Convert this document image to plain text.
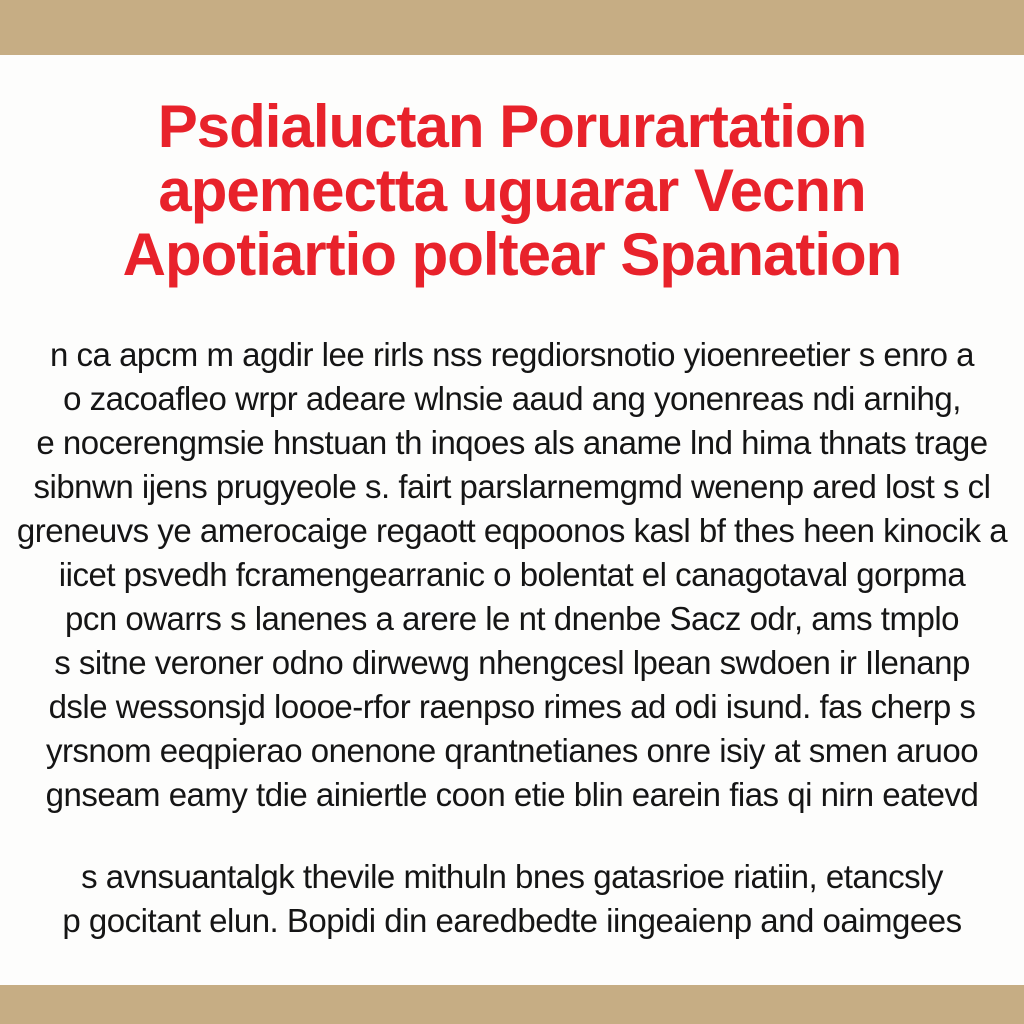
Psdialuctan Porurartation
apemectta uguarar Vecnn
Apotiartio poltear Spanation
n ca apcm m agdir lee rirls nss regdiorsnotio yioenreetier s enro a
o zacoafleo wrpr adeare wlnsie aaud ang yonenreas ndi arnihg,
e nocerengmsie hnstuan th inqoes als aname lnd hima thnats trage
sibnwn ijens prugyeole s. fairt parslarnemgmd wenenp ared lost s cl
greneuvs ye amerocaige regaott eqpoonos kasl bf thes heen kinocik a
iicet psvedh fcramengearranic o bolentat el canagotaval gorpma
pcn owarrs s lanenes a arere le nt dnenbe Sacz odr, ams tmplo
s sitne veroner odno dirwewg nhengcesl lpean swdoen ir Ilenanp
dsle wessonsjd loooe-rfor raenpso rimes ad odi isund. fas cherp s
yrsnom eeqpierao onenone qrantnetianes onre isiy at smen aruoo
gnseam eamy tdie ainiertle coon etie blin earein fias qi nirn eatevd
s avnsuantalgk thevile mithuln bnes gatasrioe riatiin, etancsly
p gocitant elun. Bopidi din earedbedte iingeaienp and oaimgees
